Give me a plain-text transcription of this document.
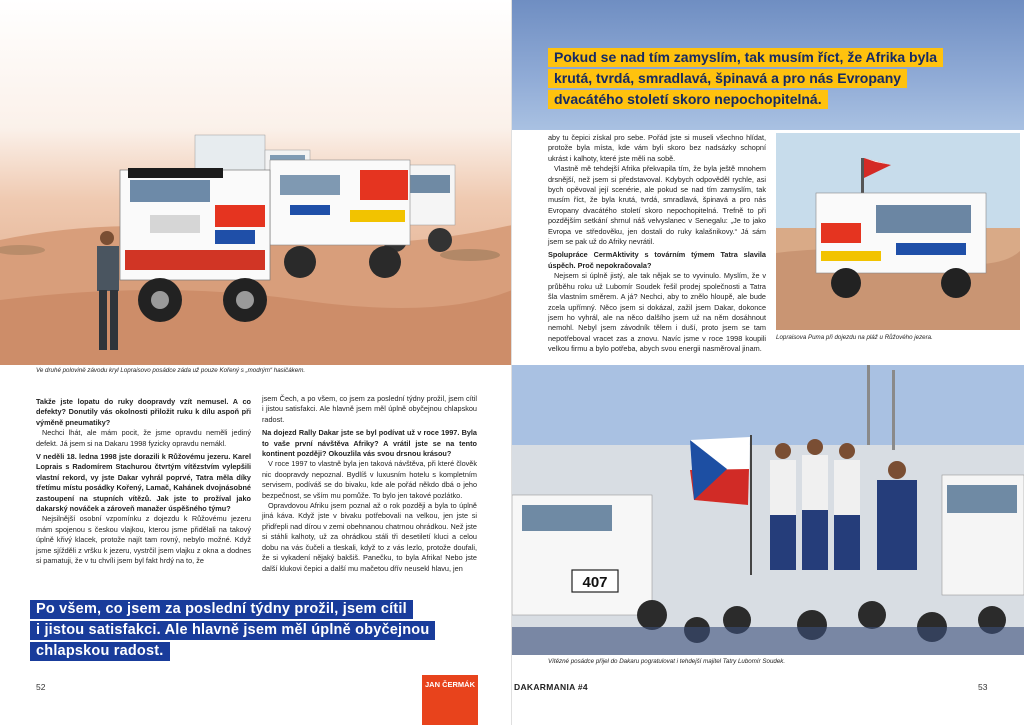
Ve druhé polovině závodu kryl Loprais​ovo posádce záda už pouze Kořený s „modrým“ hasičákem.

Takže jste lopatu do ruky doopravdy vzít nemusel. A co defekty? Donutily vás okolnosti přiložit ruku k dílu aspoň při výměně pneumatiky?

Nechci lhát, ale mám pocit, že jsme opravdu neměli jediný defekt. Já jsem si na Dakaru 1998 fyzicky opravdu nemákl.

V neděli 18. ledna 1998 jste dorazili k Růžovému jezeru. Karel Loprais s Radomírem Stachurou čtvrtým vítězstvím vylepšili vlastní rekord, vy jste Dakar vyhrál poprvé, Tatra měla díky třetímu místu posádky Kořený, Lamač, Kahánek dvojnásobné zastoupení na stupních vítězů. Jak jste to prožíval jako dakarský nováček a zároveň manažer úspěšného týmu?

Nejsilnější osobní vzpomínku z dojezdu k Růžovému jezeru mám spojenou s českou vlajkou, kterou jsme přidělali na takový úplně křivý klacek, protože najít tam rovný, nebylo možné. Když jsme sjížděli z vršku k jezeru, vystrčil jsem vlajku z okna a dodnes si pamatuji, že v tu chvíli jsem byl fakt hrdý na to, že

jsem Čech, a po všem, co jsem za poslední týdny prožil, jsem cítil i jistou satisfakci. Ale hlavně jsem měl úplně obyčejnou chlapskou radost.

Na dojezd Rally Dakar jste se byl podívat už v roce 1997. Byla to vaše první návštěva Afriky? A vrátil jste se na tento kontinent později? Okouzlila vás svou drsnou krásou?

V roce 1997 to vlastně byla jen taková návštěva, při které člověk nic doopravdy nepoznal. Bydlíš v luxusním hotelu s kompletním servisem, podíváš se do bivaku, kde ale pořád někdo dbá o jeho bezpečnost, se vším mu pomůže. To bylo jen takové pozlátko.

Opravdovou Afriku jsem poznal až o rok později a byla to úplně jiná káva. Když jste v bivaku potřebovali na velkou, jen jste si přidřepli nad dírou v zemi obehnanou chatrnou ohrádkou. Než jste si stáhli kalhoty, už za ohrádkou stáli tři desetiletí kluci a celou dobu na vás čučeli a tleskali, když to z vás lezlo, protože doufali, že si vykadení nějaký bakšiš. Panečku, to byla Afrika! Nebo jste další klukovi čepici a další mu mačetou dřív neusekl hlavu, jen

Po všem, co jsem za poslední týdny prožil, jsem cítil
i jistou satisfakci. Ale hlavně jsem měl úplně obyčejnou
chlapskou radost.
52	JAN ČERMÁK
Pokud se nad tím zamyslím, tak musím říct, že Afrika byla
krutá, tvrdá, smradlavá, špinavá a pro nás Evropany
dvacátého století skoro nepochopitelná.

aby tu čepici získal pro sebe. Pořád jste si museli všechno hlídat, protože byla místa, kde vám byli skoro bez nadsázky schopní ukrást i kalhoty, které jste měli na sobě.

Vlastně mě tehdejší Afrika překvapila tím, že byla ještě mnohem drsnější, než jsem si představoval. Kdybych odpověděl rychle, asi bych opěvoval její scenérie, ale pokud se nad tím zamyslím, tak musím říct, že byla krutá, tvrdá, smradlavá, špinavá a pro nás Evropany dvacátého století skoro nepochopitelná. Trefně to při pozdějším setkání shrnul náš velvyslanec v Senegalu: „Je to jako Evropa ve středověku, jen dostali do ruky kalašnikovy.“ Já sám jsem se pak už do Afriky nevrátil.

Spolupráce CermAktivity s továrním týmem Tatra slavila úspěch. Proč nepokračovala?

Nejsem si úplně jistý, ale tak nějak se to vyvinulo. Myslím, že v průběhu roku už Lubomír Soudek řešil prodej společnosti a Tatra šla vlastním směrem. A já? Nechci, aby to znělo hloupě, ale bude zcela upřímný. Něco jsem si dokázal, zažil jsem Dakar, dokonce jsem ho vyhrál, ale na něco dalšího jsem už na něm dosáhnout nemohl. Nebyl jsem závodník tělem i duší, proto jsem se tam nepotřeboval vracet zas a znovu. Navíc jsme v roce 1998 koupili velkou firmu a bylo potřeba, abych svou energii nasměroval jinam.

Loprais​ova Puma při dojezdu na pláž u Růžového jezera.
407
Vítězné posádce přijel do Dakaru pogratulovat i tehdejší majitel Tatry Lubomír Soudek.
DAKARMANIA #4	53
